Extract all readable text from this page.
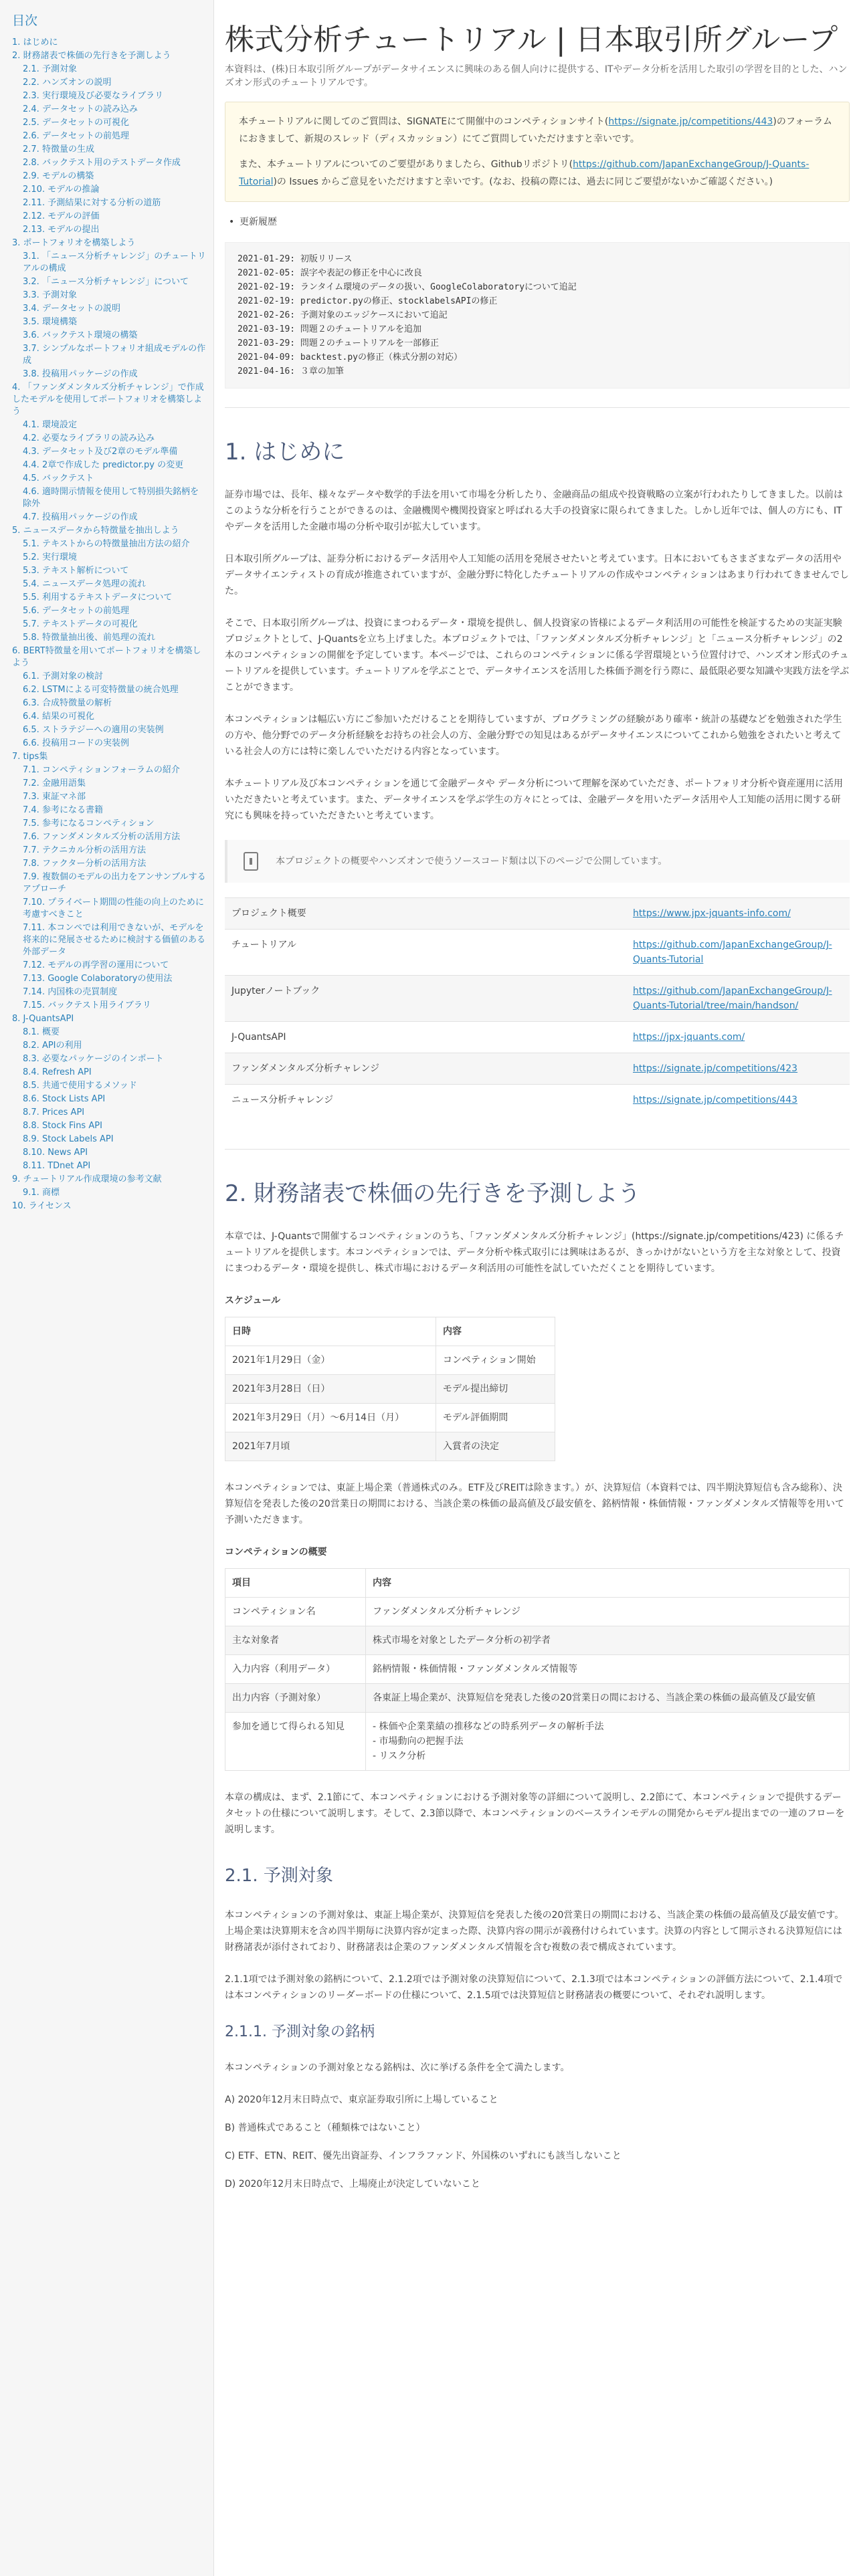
目次
1. はじめに
2. 財務諸表で株価の先行きを予測しよう
2.1. 予測対象
2.2. ハンズオンの説明
2.3. 実行環境及び必要なライブラリ
2.4. データセットの読み込み
2.5. データセットの可視化
2.6. データセットの前処理
2.7. 特徴量の生成
2.8. バックテスト用のテストデータ作成
2.9. モデルの構築
2.10. モデルの推論
2.11. 予測結果に対する分析の道筋
2.12. モデルの評価
2.13. モデルの提出
3. ポートフォリオを構築しよう
3.1. 「ニュース分析チャレンジ」のチュートリアルの構成
3.2. 「ニュース分析チャレンジ」について
3.3. 予測対象
3.4. データセットの説明
3.5. 環境構築
3.6. バックテスト環境の構築
3.7. シンプルなポートフォリオ組成モデルの作成
3.8. 投稿用パッケージの作成
4. 「ファンダメンタルズ分析チャレンジ」で作成したモデルを使用してポートフォリオを構築しよう
4.1. 環境設定
4.2. 必要なライブラリの読み込み
4.3. データセット及び2章のモデル準備
4.4. 2章で作成した predictor.py の変更
4.5. バックテスト
4.6. 適時開示情報を使用して特別損失銘柄を除外
4.7. 投稿用パッケージの作成
5. ニュースデータから特徴量を抽出しよう
5.1. テキストからの特徴量抽出方法の紹介
5.2. 実行環境
5.3. テキスト解析について
5.4. ニュースデータ処理の流れ
5.5. 利用するテキストデータについて
5.6. データセットの前処理
5.7. テキストデータの可視化
5.8. 特徴量抽出後、前処理の流れ
6. BERT特徴量を用いてポートフォリオを構築しよう
6.1. 予測対象の検討
6.2. LSTMによる可変特徴量の統合処理
6.3. 合成特徴量の解析
6.4. 結果の可視化
6.5. ストラテジーへの適用の実装例
6.6. 投稿用コードの実装例
7. tips集
7.1. コンペティションフォーラムの紹介
7.2. 金融用語集
7.3. 東証マネ部
7.4. 参考になる書籍
7.5. 参考になるコンペティション
7.6. ファンダメンタルズ分析の活用方法
7.7. テクニカル分析の活用方法
7.8. ファクター分析の活用方法
7.9. 複数個のモデルの出力をアンサンブルするアプローチ
7.10. プライベート期間の性能の向上のために考慮すべきこと
7.11. 本コンペでは利用できないが、モデルを将来的に発展させるために検討する価値のある外部データ
7.12. モデルの再学習の運用について
7.13. Google Colaboratoryの使用法
7.14. 内国株の売買制度
7.15. バックテスト用ライブラリ
8. J-QuantsAPI
8.1. 概要
8.2. APIの利用
8.3. 必要なパッケージのインポート
8.4. Refresh API
8.5. 共通で使用するメソッド
8.6. Stock Lists API
8.7. Prices API
8.8. Stock Fins API
8.9. Stock Labels API
8.10. News API
8.11. TDnet API
9. チュートリアル作成環境の参考文献
9.1. 商標
10. ライセンス
株式分析チュートリアル | 日本取引所グループ

本資料は、(株)日本取引所グループがデータサイエンスに興味のある個人向けに提供する、ITやデータ分析を活用した取引の学習を目的とした、ハンズオン形式のチュートリアルです。

本チュートリアルに関してのご質問は、SIGNATEにて開催中のコンペティションサイト(https://signate.jp/competitions/443)のフォーラムにおきまして、新規のスレッド（ディスカッション）にてご質問していただけますと幸いです。

また、本チュートリアルについてのご要望がありましたら、Githubリポジトリ(https://github.com/JapanExchangeGroup/J-Quants-Tutorial)の Issues からご意見をいただけますと幸いです。(なお、投稿の際には、過去に同じご要望がないかご確認ください。)

• 更新履歴
2021-01-29: 初版リリース
2021-02-05: 誤字や表記の修正を中心に改良
2021-02-19: ランタイム環境のデータの扱い、GoogleColaboratoryについて追記
2021-02-19: predictor.pyの修正、stocklabelsAPIの修正
2021-02-26: 予測対象のエッジケースにおいて追記
2021-03-19: 問題２のチュートリアルを追加
2021-03-29: 問題２のチュートリアルを一部修正
2021-04-09: backtest.pyの修正（株式分割の対応）
2021-04-16: ３章の加筆
1. はじめに

証券市場では、長年、様々なデータや数学的手法を用いて市場を分析したり、金融商品の組成や投資戦略の立案が行われたりしてきました。以前はこのような分析を行うことができるのは、金融機関や機関投資家と呼ばれる大手の投資家に限られてきました。しかし近年では、個人の方にも、ITやデータを活用した金融市場の分析や取引が拡大しています。

日本取引所グループは、証券分析におけるデータ活用や人工知能の活用を発展させたいと考えています。日本においてもさまざまなデータの活用やデータサイエンティストの育成が推進されていますが、金融分野に特化したチュートリアルの作成やコンペティションはあまり行われてきませんでした。

そこで、日本取引所グループは、投資にまつわるデータ・環境を提供し、個人投資家の皆様によるデータ利活用の可能性を検証するための実証実験プロジェクトとして、J-Quantsを立ち上げました。本プロジェクトでは、「ファンダメンタルズ分析チャレンジ」と「ニュース分析チャレンジ」の2本のコンペティションの開催を予定しています。本ページでは、これらのコンペティションに係る学習環境という位置付けで、ハンズオン形式のチュートリアルを提供しています。チュートリアルを学ぶことで、データサイエンスを活用した株価予測を行う際に、最低限必要な知識や実践方法を学ぶことができます。

本コンペティションは幅広い方にご参加いただけることを期待していますが、プログラミングの経験があり確率・統計の基礎などを勉強された学生の方や、他分野でのデータ分析経験をお持ちの社会人の方、金融分野での知見はあるがデータサイエンスについてこれから勉強をされたいと考えている社会人の方には特に楽しんでいただける内容となっています。

本チュートリアル及び本コンペティションを通じて金融データや データ分析について理解を深めていただき、ポートフォリオ分析や資産運用に活用いただきたいと考えています。また、データサイエンスを学ぶ学生の方々にとっては、金融データを用いたデータ活用や人工知能の活用に関する研究にも興味を持っていただきたいと考えています。

本プロジェクトの概要やハンズオンで使うソースコード類は以下のページで公開しています。
プロジェクト概要	https://www.jpx-jquants-info.com/
チュートリアル	https://github.com/JapanExchangeGroup/J-Quants-Tutorial
Jupyterノートブック	https://github.com/JapanExchangeGroup/J-Quants-Tutorial/tree/main/handson/
J-QuantsAPI	https://jpx-jquants.com/
ファンダメンタルズ分析チャレンジ	https://signate.jp/competitions/423
ニュース分析チャレンジ	https://signate.jp/competitions/443
2. 財務諸表で株価の先行きを予測しよう

本章では、J-Quantsで開催するコンペティションのうち、「ファンダメンタルズ分析チャレンジ」(https://signate.jp/competitions/423) に係るチュートリアルを提供します。本コンペティションでは、データ分析や株式取引には興味はあるが、きっかけがないという方を主な対象として、投資にまつわるデータ・環境を提供し、株式市場におけるデータ利活用の可能性を試していただくことを期待しています。

スケジュール
日時	内容
2021年1月29日（金）	コンペティション開始
2021年3月28日（日）	モデル提出締切
2021年3月29日（月）～6月14日（月）	モデル評価期間
2021年7月頃	入賞者の決定

本コンペティションでは、東証上場企業（普通株式のみ。ETF及びREITは除きます。）が、決算短信（本資料では、四半期決算短信も含み総称）、決算短信を発表した後の20営業日の期間における、当該企業の株価の最高値及び最安値を、銘柄情報・株価情報・ファンダメンタルズ情報等を用いて予測いただきます。

コンペティションの概要
項目	内容
コンペティション名	ファンダメンタルズ分析チャレンジ
主な対象者	株式市場を対象としたデータ分析の初学者
入力内容（利用データ）	銘柄情報・株価情報・ファンダメンタルズ情報等
出力内容（予測対象）	各東証上場企業が、決算短信を発表した後の20営業日の間における、当該企業の株価の最高値及び最安値
参加を通じて得られる知見	- 株価や企業業績の推移などの時系列データの解析手法
- 市場動向の把握手法
- リスク分析

本章の構成は、まず、2.1節にて、本コンペティションにおける予測対象等の詳細について説明し、2.2節にて、本コンペティションで提供するデータセットの仕様について説明します。そして、2.3節以降で、本コンペティションのベースラインモデルの開発からモデル提出までの一連のフローを説明します。

2.1. 予測対象

本コンペティションの予測対象は、東証上場企業が、決算短信を発表した後の20営業日の期間における、当該企業の株価の最高値及び最安値です。上場企業は決算期末を含め四半期毎に決算内容が定まった際、決算内容の開示が義務付けられています。決算の内容として開示される決算短信には財務諸表が添付されており、財務諸表は企業のファンダメンタルズ情報を含む複数の表で構成されています。

2.1.1項では予測対象の銘柄について、2.1.2項では予測対象の決算短信について、2.1.3項では本コンペティションの評価方法について、2.1.4項では本コンペティションのリーダーボードの仕様について、2.1.5項では決算短信と財務諸表の概要について、それぞれ説明します。

2.1.1. 予測対象の銘柄

本コンペティションの予測対象となる銘柄は、次に挙げる条件を全て満たします。

A) 2020年12月末日時点で、東京証券取引所に上場していること

B) 普通株式であること（種類株ではないこと）

C) ETF、ETN、REIT、優先出資証券、インフラファンド、外国株のいずれにも該当しないこと

D) 2020年12月末日時点で、上場廃止が決定していないこと
